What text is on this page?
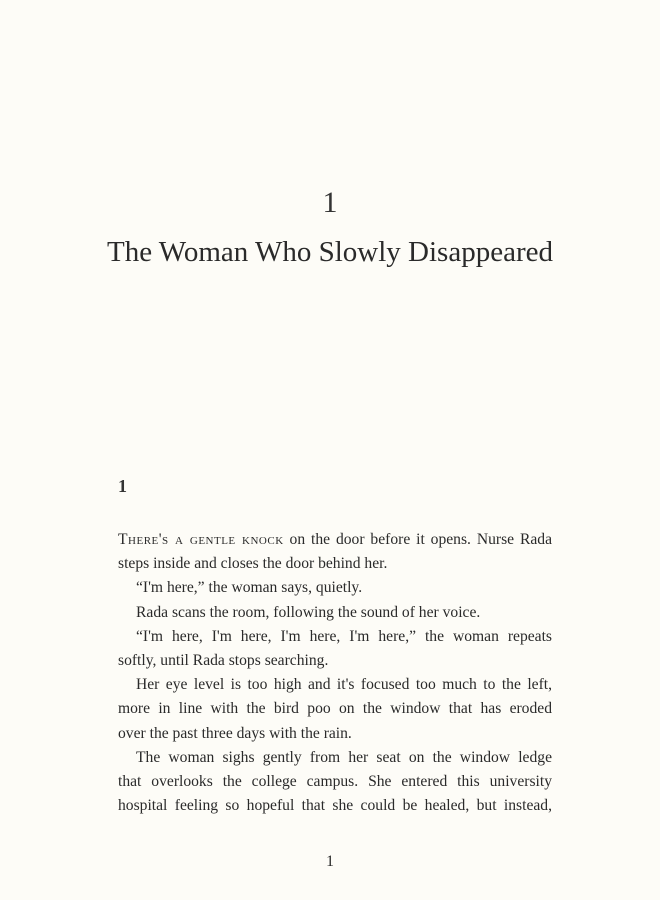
1
The Woman Who Slowly Disappeared
1
There's a gentle knock on the door before it opens. Nurse Rada
steps inside and closes the door behind her.
“I'm here,” the woman says, quietly.
Rada scans the room, following the sound of her voice.
“I'm here, I'm here, I'm here, I'm here,” the woman repeats
softly, until Rada stops searching.
Her eye level is too high and it's focused too much to the left,
more in line with the bird poo on the window that has eroded
over the past three days with the rain.
The woman sighs gently from her seat on the window ledge
that overlooks the college campus. She entered this university
hospital feeling so hopeful that she could be healed, but instead,
1
